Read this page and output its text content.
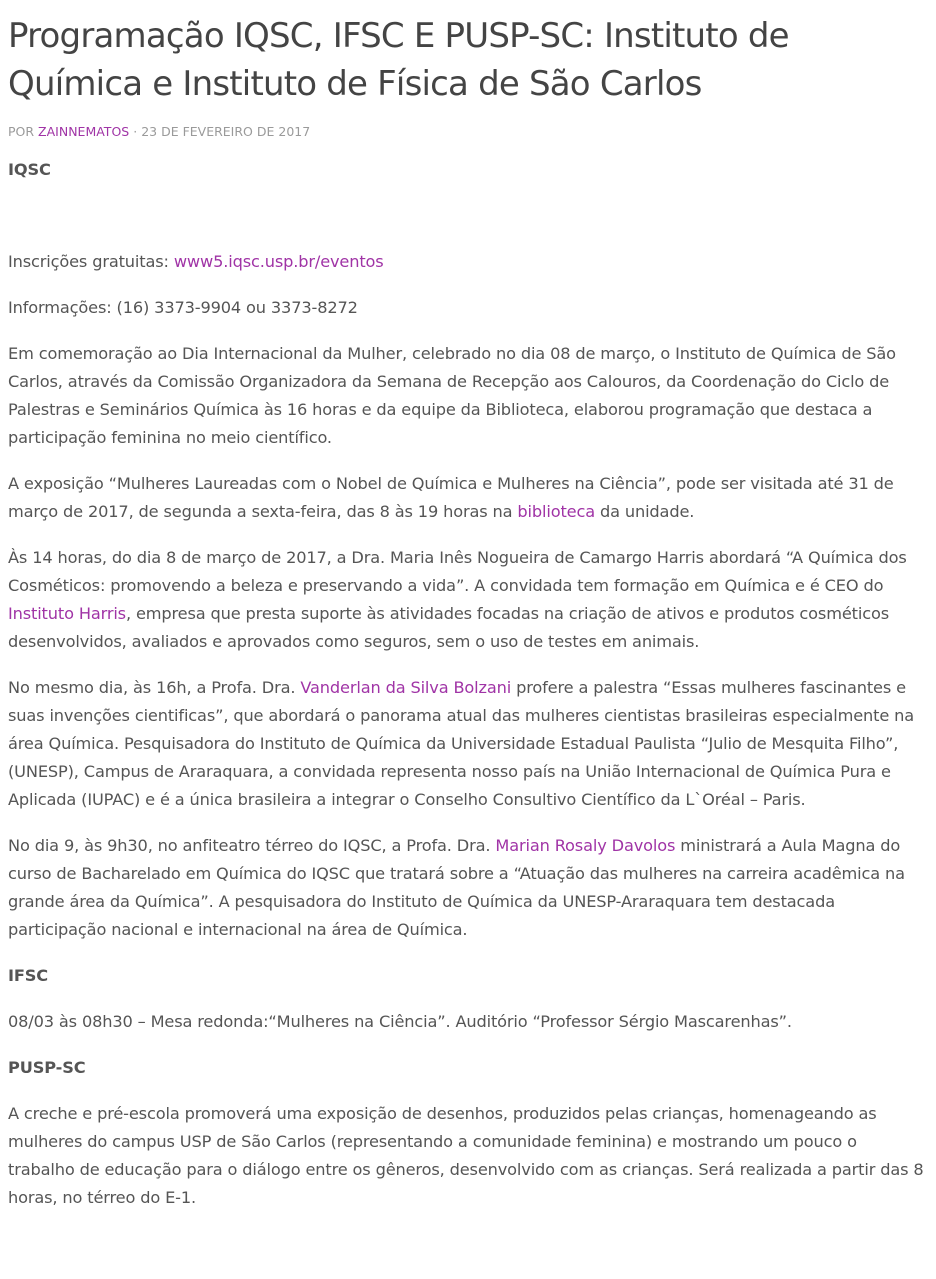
Programação IQSC, IFSC E PUSP-SC: Instituto de Química e Instituto de Física de São Carlos
POR ZAINNEMATOS · 23 DE FEVEREIRO DE 2017

IQSC

Inscrições gratuitas: www5.iqsc.usp.br/eventos

Informações: (16) 3373-9904 ou 3373-8272

Em comemoração ao Dia Internacional da Mulher, celebrado no dia 08 de março, o Instituto de Química de São Carlos, através da Comissão Organizadora da Semana de Recepção aos Calouros, da Coordenação do Ciclo de Palestras e Seminários Química às 16 horas e da equipe da Biblioteca, elaborou programação que destaca a participação feminina no meio científico.

A exposição “Mulheres Laureadas com o Nobel de Química e Mulheres na Ciência”, pode ser visitada até 31 de março de 2017, de segunda a sexta-feira, das 8 às 19 horas na biblioteca da unidade.

Às 14 horas, do dia 8 de março de 2017, a Dra. Maria Inês Nogueira de Camargo Harris abordará “A Química dos Cosméticos: promovendo a beleza e preservando a vida”. A convidada tem formação em Química e é CEO do Instituto Harris, empresa que presta suporte às atividades focadas na criação de ativos e produtos cosméticos desenvolvidos, avaliados e aprovados como seguros, sem o uso de testes em animais.

No mesmo dia, às 16h, a Profa. Dra. Vanderlan da Silva Bolzani profere a palestra “Essas mulheres fascinantes e suas invenções cientificas”, que abordará o panorama atual das mulheres cientistas brasileiras especialmente na área Química. Pesquisadora do Instituto de Química da Universidade Estadual Paulista “Julio de Mesquita Filho”, (UNESP), Campus de Araraquara, a convidada representa nosso país na União Internacional de Química Pura e Aplicada (IUPAC) e é a única brasileira a integrar o Conselho Consultivo Científico da L`Oréal – Paris.

No dia 9, às 9h30, no anfiteatro térreo do IQSC, a Profa. Dra. Marian Rosaly Davolos ministrará a Aula Magna do curso de Bacharelado em Química do IQSC que tratará sobre a “Atuação das mulheres na carreira acadêmica na grande área da Química”. A pesquisadora do Instituto de Química da UNESP-Araraquara tem destacada participação nacional e internacional na área de Química.

IFSC

08/03 às 08h30 – Mesa redonda:“Mulheres na Ciência”. Auditório “Professor Sérgio Mascarenhas”.

PUSP-SC

A creche e pré-escola promoverá uma exposição de desenhos, produzidos pelas crianças, homenageando as mulheres do campus USP de São Carlos (representando a comunidade feminina) e mostrando um pouco o trabalho de educação para o diálogo entre os gêneros, desenvolvido com as crianças. Será realizada a partir das 8 horas, no térreo do E-1.
